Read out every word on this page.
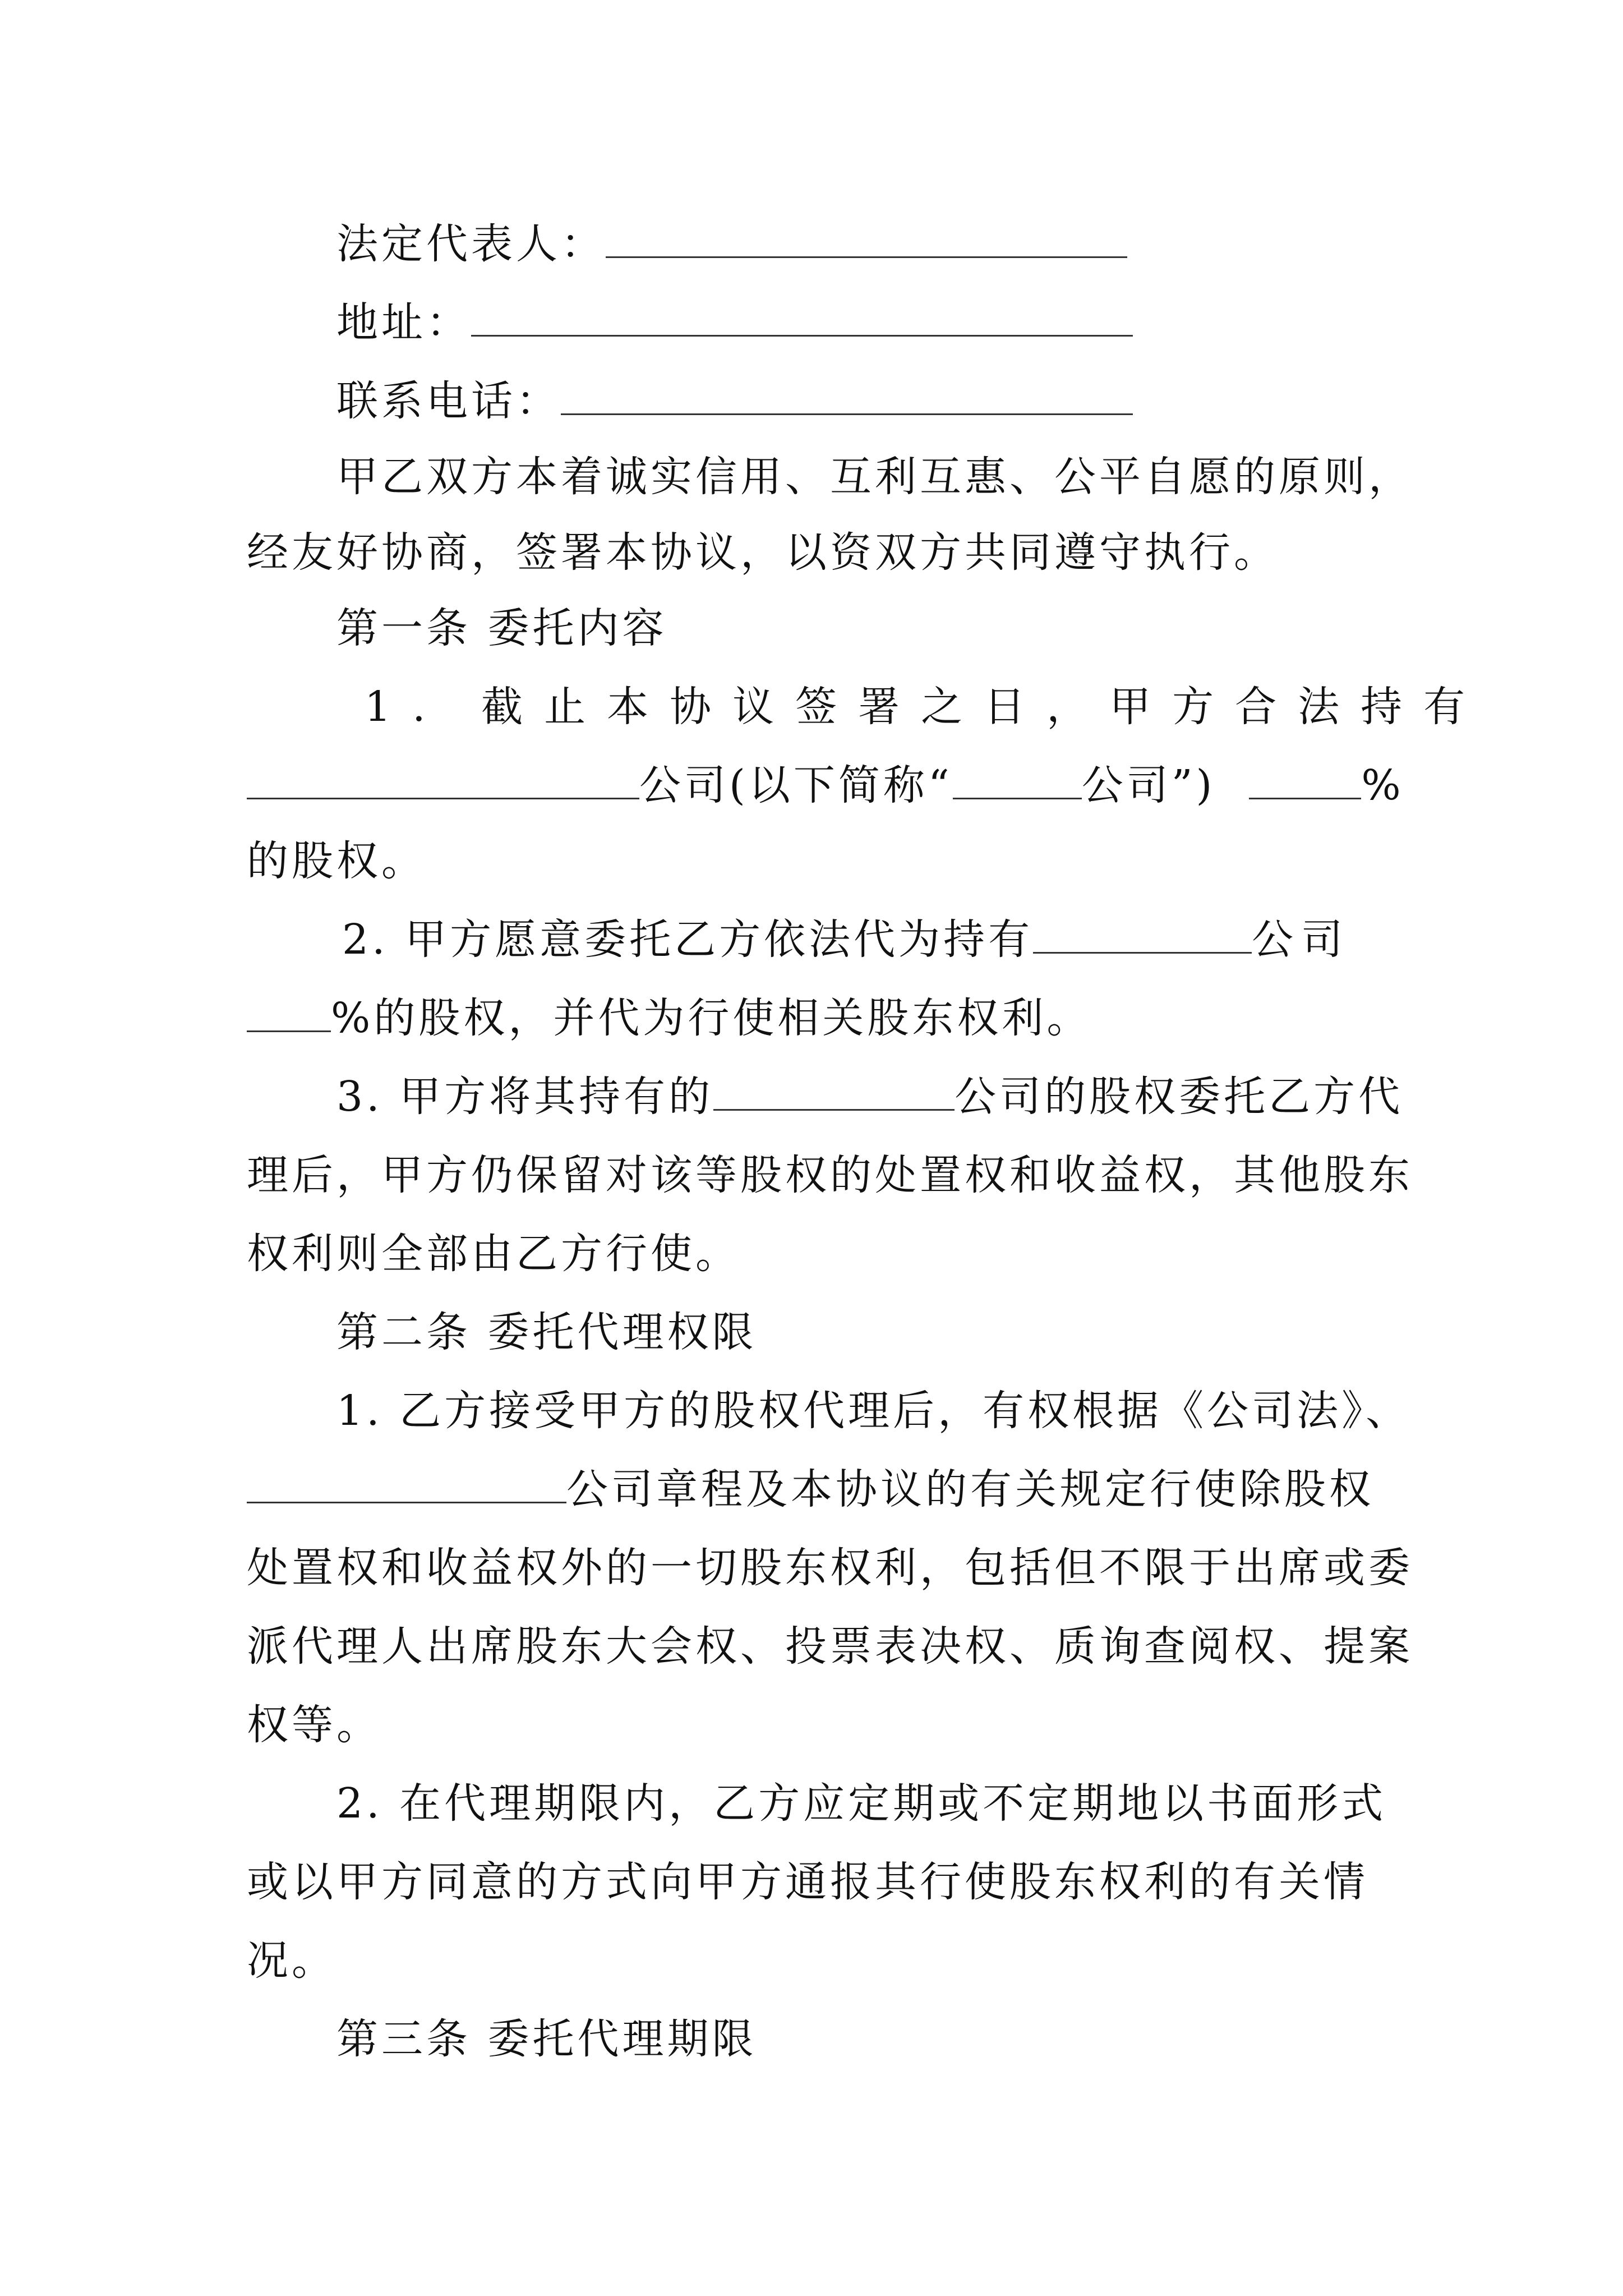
法定代表人：
地址：
联系电话：
甲乙双方本着诚实信用、互利互惠、公平自愿的原则，
经友好协商，签署本协议，以资双方共同遵守执行。
第一条 委托内容
1. 截止本协议签署之日，甲方合法持有
公司(以下简称“	公司”)	%
的股权。
2. 甲方愿意委托乙方依法代为持有	公司
%的股权，并代为行使相关股东权利。
3. 甲方将其持有的	公司的股权委托乙方代
理后，甲方仍保留对该等股权的处置权和收益权，其他股东
权利则全部由乙方行使。
第二条 委托代理权限
1. 乙方接受甲方的股权代理后，有权根据《公司法》、
公司章程及本协议的有关规定行使除股权
处置权和收益权外的一切股东权利，包括但不限于出席或委
派代理人出席股东大会权、投票表决权、质询查阅权、提案
权等。
2. 在代理期限内，乙方应定期或不定期地以书面形式
或以甲方同意的方式向甲方通报其行使股东权利的有关情
况。
第三条 委托代理期限
